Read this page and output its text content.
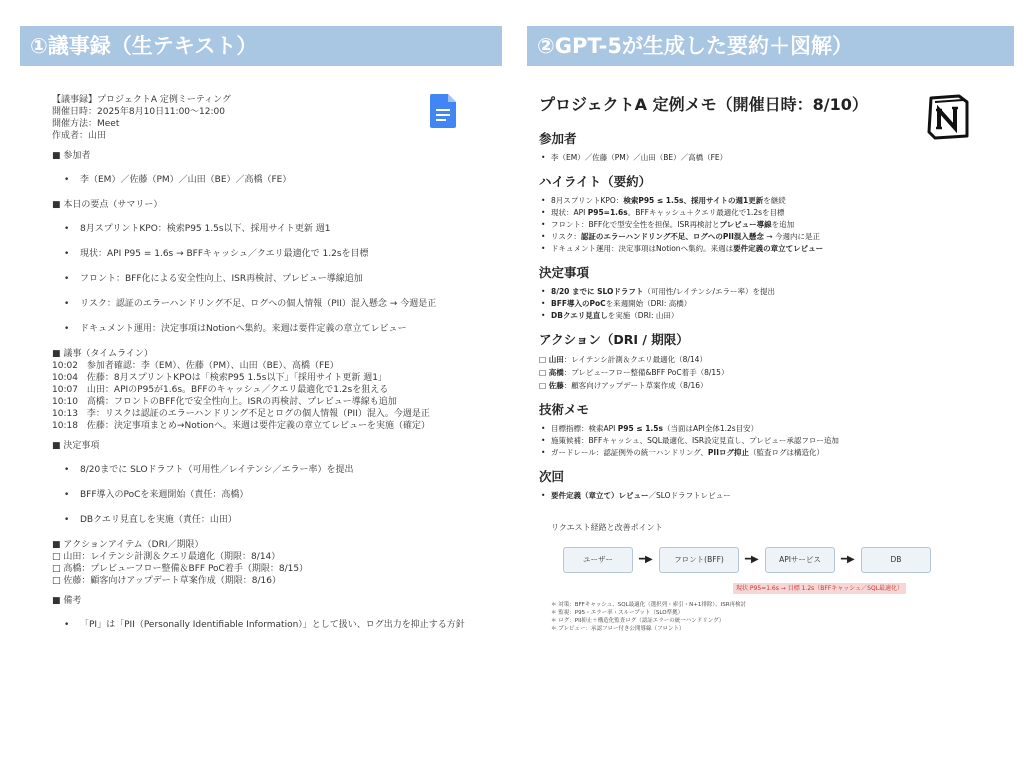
①議事録（生テキスト）
【議事録】プロジェクトA 定例ミーティング
開催日時：2025年8月10日11:00〜12:00
開催方法：Meet
作成者：山田
■ 参加者
• 李（EM）／佐藤（PM）／山田（BE）／高橋（FE）
■ 本日の要点（サマリー）
• 8月スプリントKPO：検索P95 1.5s以下、採用サイト更新 週1
• 現状：API P95 = 1.6s → BFFキャッシュ／クエリ最適化で 1.2sを目標
• フロント：BFF化による安全性向上、ISR再検討、プレビュー導線追加
• リスク：認証のエラーハンドリング不足、ログへの個人情報（PII）混入懸念 → 今週是正
• ドキュメント運用：決定事項はNotionへ集約。来週は要件定義の章立てレビュー
■ 議事（タイムライン）
10:02　参加者確認：李（EM）、佐藤（PM）、山田（BE）、高橋（FE）
10:04　佐藤：8月スプリントKPOは「検索P95 1.5s以下」「採用サイト更新 週1」
10:07　山田：APIのP95が1.6s。BFFのキャッシュ／クエリ最適化で1.2sを狙える
10:10　高橋：フロントのBFF化で安全性向上。ISRの再検討、プレビュー導線も追加
10:13　李：リスクは認証のエラーハンドリング不足とログの個人情報（PII）混入。今週是正
10:18　佐藤：決定事項まとめ→Notionへ。来週は要件定義の章立てレビューを実施（確定）
■ 決定事項
• 8/20までに SLOドラフト（可用性／レイテンシ／エラー率）を提出
• BFF導入のPoCを来週開始（責任：高橋）
• DBクエリ見直しを実施（責任：山田）
■ アクションアイテム（DRI／期限）
□ 山田：レイテンシ計測＆クエリ最適化（期限：8/14）
□ 高橋：プレビューフロー整備＆BFF PoC着手（期限：8/15）
□ 佐藤：顧客向けアップデート草案作成（期限：8/16）
■ 備考
• 「PI」は「PII（Personally Identifiable Information）」として扱い、ログ出力を抑止する方針
②GPT-5が生成した要約＋図解）
プロジェクトA 定例メモ（開催日時：8/10）
参加者
• 李（EM）／佐藤（PM）／山田（BE）／高橋（FE）
ハイライト（要約）
• 8月スプリントKPO：検索P95 ≤ 1.5s、採用サイトの週1更新を継続
• 現状：API P95=1.6s。BFFキャッシュ＋クエリ最適化で1.2sを目標
• フロント：BFF化で型安全性を担保。ISR再検討とプレビュー導線を追加
• リスク：認証のエラーハンドリング不足、ログへのPII混入懸念 → 今週内に是正
• ドキュメント運用：決定事項はNotionへ集約。来週は要件定義の章立てレビュー
決定事項
• 8/20 までに SLOドラフト（可用性/レイテンシ/エラー率）を提出
• BFF導入のPoCを来週開始（DRI: 高橋）
• DBクエリ見直しを実施（DRI: 山田）
アクション（DRI / 期限）
□ 山田：レイテンシ計測＆クエリ最適化（8/14）
□ 高橋：プレビューフロー整備&BFF PoC着手（8/15）
□ 佐藤：顧客向けアップデート草案作成（8/16）
技術メモ
• 目標指標：検索API P95 ≤ 1.5s（当面はAPI全体1.2s目安）
• 施策候補：BFFキャッシュ、SQL最適化、ISR設定見直し、プレビュー承認フロー追加
• ガードレール：認証例外の統一ハンドリング、PIIログ抑止（監査ログは構造化）
次回
• 要件定義（章立て）レビュー／SLOドラフトレビュー
リクエスト経路と改善ポイント
ユーザー	━▶	フロント(BFF)	━▶	APIサービス	━▶	DB
現状 P95=1.6s → 目標 1.2s（BFFキャッシュ／SQL最適化）
＊ 対策：BFFキャッシュ、SQL最適化（選択列・索引・N+1排除）、ISR再検討
＊ 監視：P95・エラー率・スループット（SLO準拠）
＊ ログ：PII抑止＋構造化監査ログ（認証エラーの統一ハンドリング）
＊ プレビュー：承認フロー付き公開導線（フロント）
